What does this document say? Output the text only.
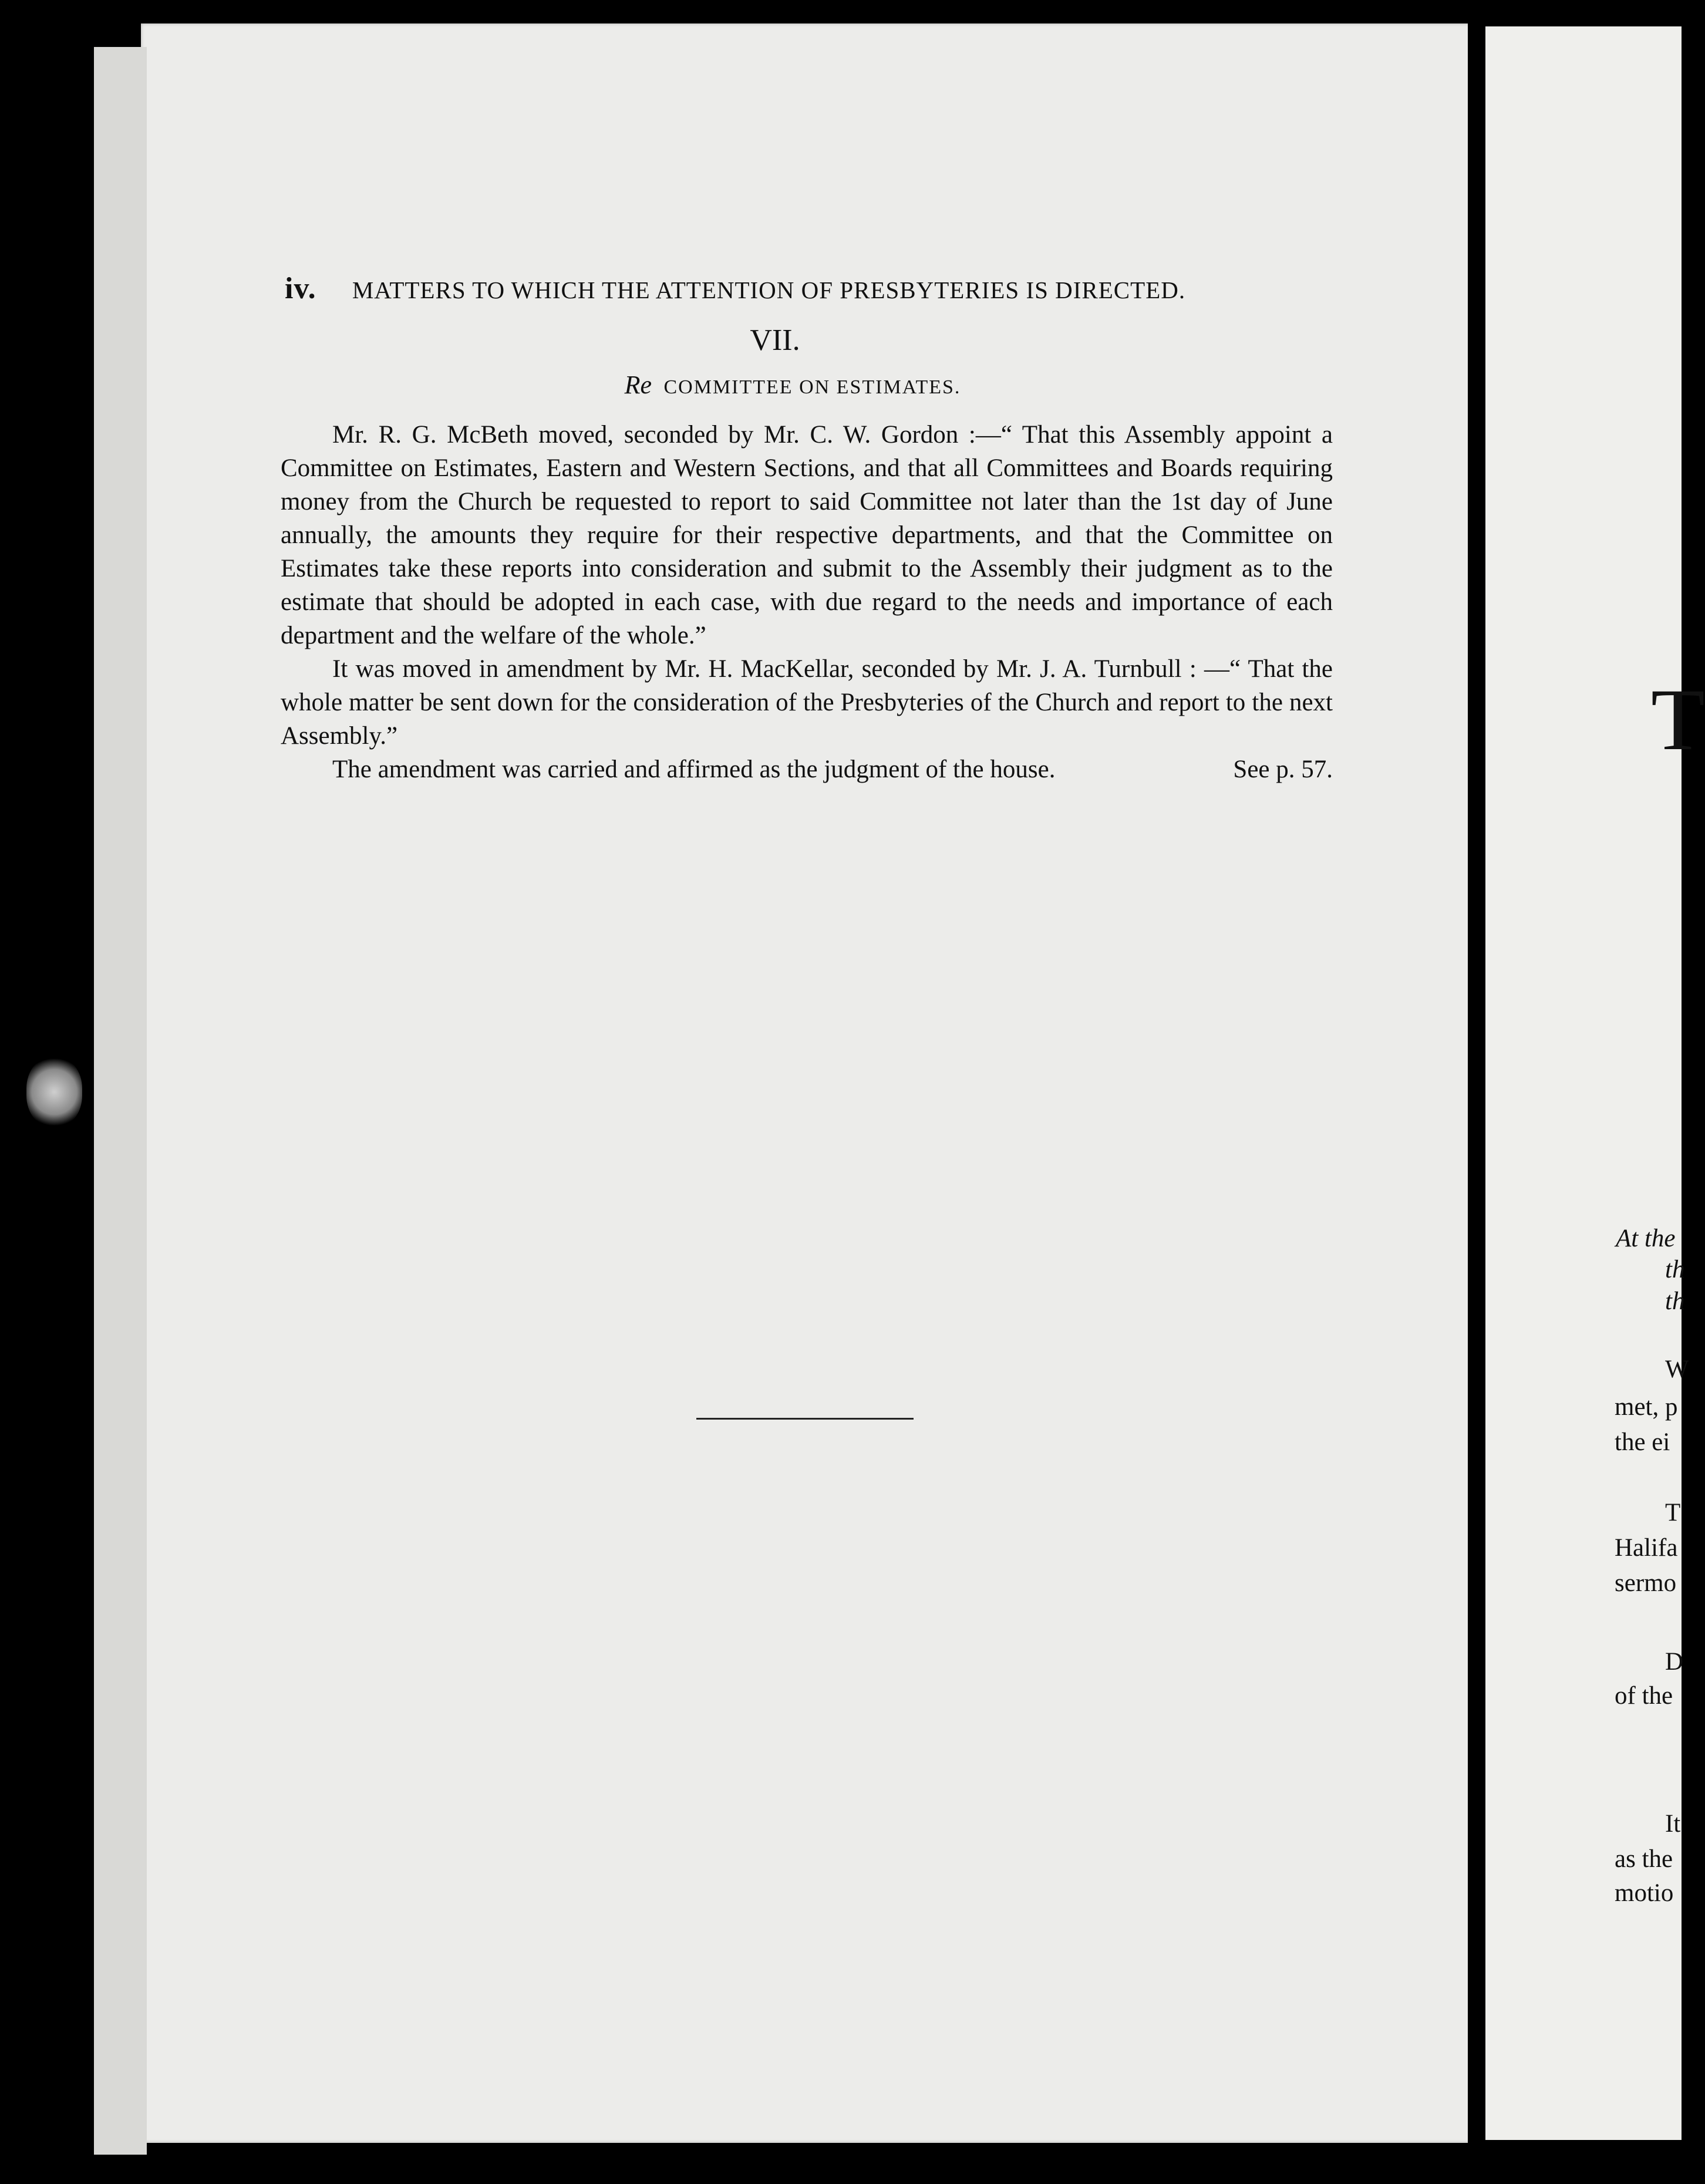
iv. MATTERS TO WHICH THE ATTENTION OF PRESBYTERIES IS DIRECTED.
VII.
Re COMMITTEE ON ESTIMATES.

Mr. R. G. McBeth moved, seconded by Mr. C. W. Gordon :—“ That this Assembly appoint a Committee on Estimates, Eastern and Western Sections, and that all Committees and Boards requiring money from the Church be requested to report to said Committee not later than the 1st day of June annually, the amounts they require for their respective departments, and that the Committee on Estimates take these reports into consideration and submit to the Assembly their judgment as to the estimate that should be adopted in each case, with due regard to the needs and importance of each department and the welfare of the whole.”

It was moved in amendment by Mr. H. MacKellar, seconded by Mr. J. A. Turnbull : —“ That the whole matter be sent down for the consideration of the Presbyteries of the Church and report to the next Assembly.”

The amendment was carried and affirmed as the judgment of the house.	See p. 57.

T
At the
th
th
W
met, p
the ei
T
Halifa
sermo
D
of the
It
as the
motio
